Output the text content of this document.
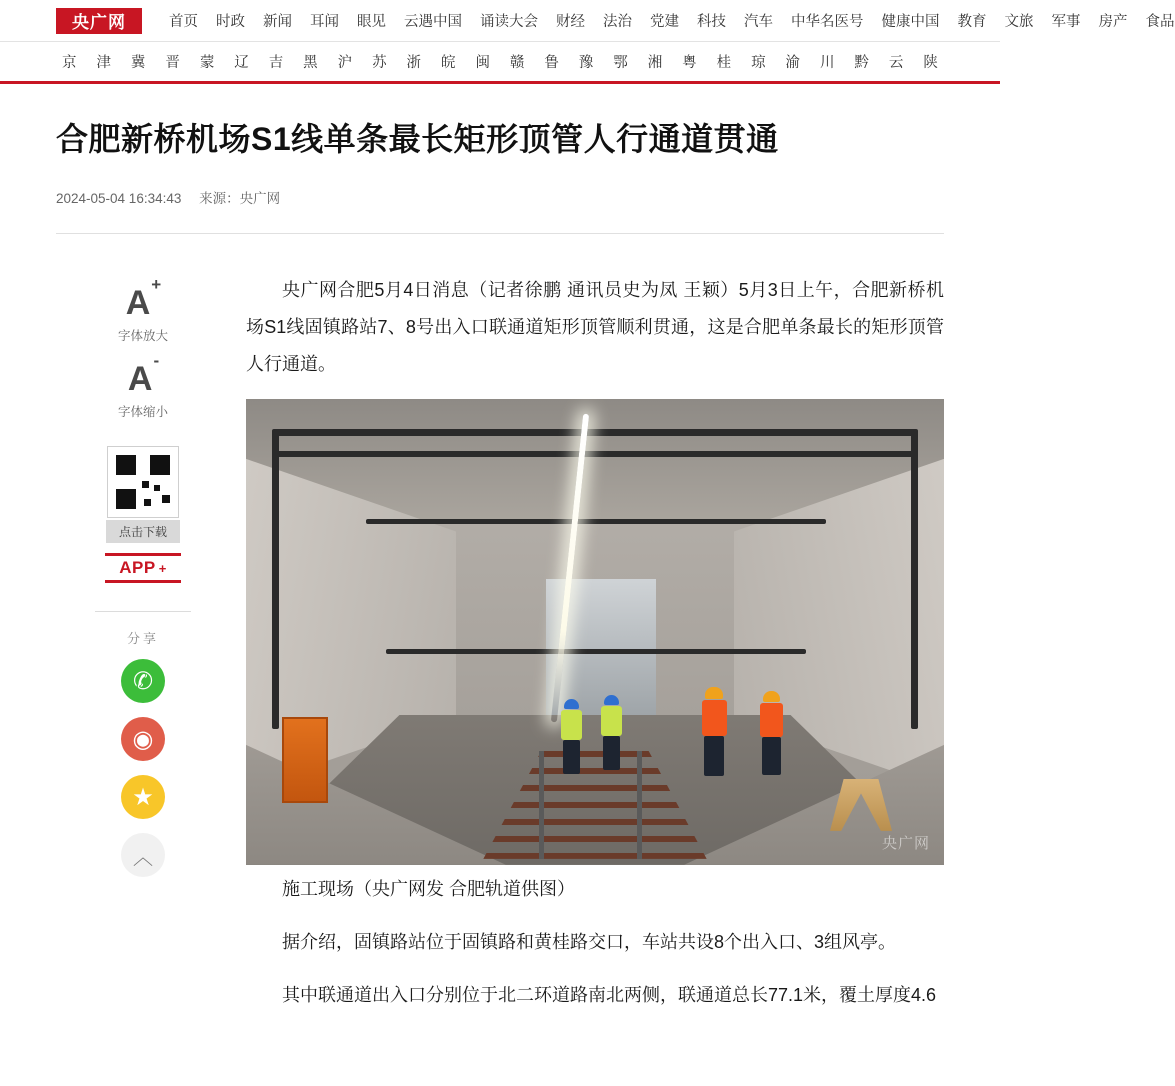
央广网	首页 时政 新闻 耳闻 眼见 云遇中国 诵读大会 财经 法治 党建 科技 汽车 中华名医号 健康中国 教育 文旅 军事 房产 食品
京 津 冀 晋 蒙 辽 吉 黑 沪 苏 浙 皖 闽 赣 鲁 豫 鄂 湘 粤 桂 琼 渝 川 黔 云 陕
合肥新桥机场S1线单条最长矩形顶管人行通道贯通
2024-05-04 16:34:43 来源：央广网
A+
字体放大
A-
字体缩小
点击下载
APP +
分享
✆
◉
★
︿

央广网合肥5月4日消息（记者徐鹏 通讯员史为凤 王颖）5月3日上午，合肥新桥机场S1线固镇路站7、8号出入口联通道矩形顶管顺利贯通，这是合肥单条最长的矩形顶管人行通道。

央广网

施工现场（央广网发 合肥轨道供图）

据介绍，固镇路站位于固镇路和黄桂路交口，车站共设8个出入口、3组风亭。

其中联通道出入口分别位于北二环道路南北两侧，联通道总长77.1米，覆土厚度4.6
